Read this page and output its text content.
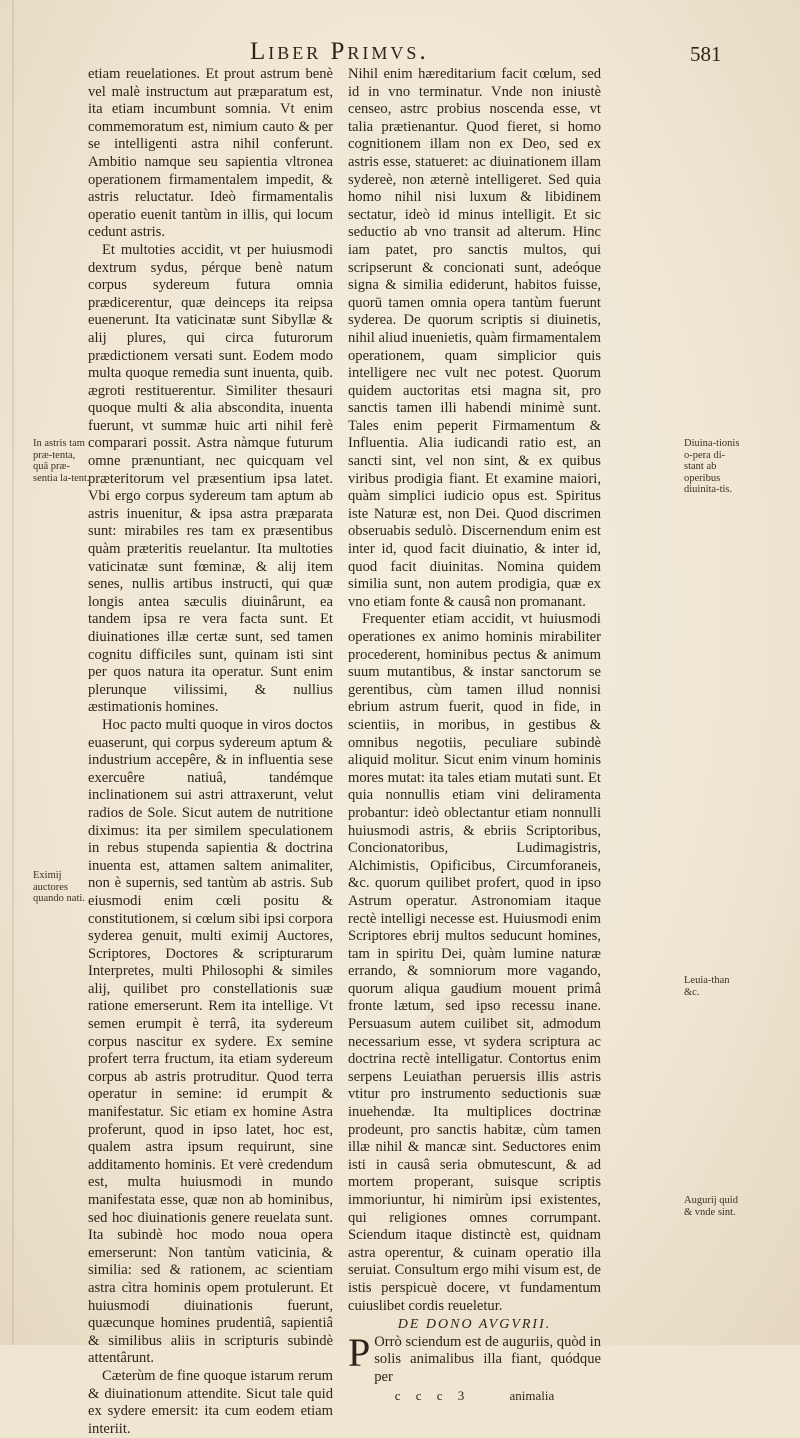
Liber Primvs.	581

etiam reuelationes. Et prout astrum benè vel malè instructum aut præparatum est, ita etiam incumbunt somnia. Vt enim commemoratum est, nimium cauto & per se intelligenti astra nihil conferunt. Ambitio namque seu sapientia vltronea operationem firmamentalem impedit, & astris reluctatur. Ideò firmamentalis operatio euenit tantùm in illis, qui locum cedunt astris.

Et multoties accidit, vt per huiusmodi dextrum sydus, pérque benè natum corpus sydereum futura omnia prædicerentur, quæ deinceps ita reipsa euenerunt. Ita vaticinatæ sunt Sibyllæ & alij plures, qui circa futurorum prædictionem versati sunt. Eodem modo multa quoque remedia sunt inuenta, quib. ægroti restituerentur. Similiter thesauri quoque multi & alia abscondita, inuenta fuerunt, vt summæ huic arti nihil ferè comparari possit. Astra nàmque futurum omne prænuntiant, nec quicquam vel præteritorum vel præsentium ipsa latet. Vbi ergo corpus sydereum tam aptum ab astris inuenitur, & ipsa astra præparata sunt: mirabiles res tam ex præsentibus quàm præteritis reuelantur. Ita multoties vaticinatæ sunt fœminæ, & alij item senes, nullis artibus instructi, qui quæ longis antea sæculis diuinârunt, ea tandem ipsa re vera facta sunt. Et diuinationes illæ certæ sunt, sed tamen cognitu difficiles sunt, quinam isti sint per quos natura ita operatur. Sunt enim plerunque vilissimi, & nullius æstimationis homines.

Hoc pacto multi quoque in viros doctos euaserunt, qui corpus sydereum aptum & industrium accepêre, & in influentia sese exercuêre natiuâ, tandémque inclinationem sui astri attraxerunt, velut radios de Sole. Sicut autem de nutritione diximus: ita per similem speculationem in rebus stupenda sapientia & doctrina inuenta est, attamen saltem animaliter, non è supernis, sed tantùm ab astris. Sub eiusmodi enim cœli positu & constitutionem, si cœlum sibi ipsi corpora syderea genuit, multi eximij Auctores, Scriptores, Doctores & scripturarum Interpretes, multi Philosophi & similes alij, quilibet pro constellationis suæ ratione emerserunt. Rem ita intellige. Vt semen erumpit è terrâ, ita sydereum corpus nascitur ex sydere. Ex semine profert terra fructum, ita etiam sydereum corpus ab astris protruditur. Quod terra operatur in semine: id erumpit & manifestatur. Sic etiam ex homine Astra proferunt, quod in ipso latet, hoc est, qualem astra ipsum requirunt, sine additamento hominis. Et verè credendum est, multa huiusmodi in mundo manifestata esse, quæ non ab hominibus, sed hoc diuinationis genere reuelata sunt. Ita subindè hoc modo noua opera emerserunt: Non tantùm vaticinia, & similia: sed & rationem, ac scientiam astra cìtra hominis opem protulerunt. Et huiusmodi diuinationis fuerunt, quæcunque homines prudentiâ, sapientiâ & similibus aliis in scripturis subindè attentârunt.

Cæterùm de fine quoque istarum rerum & diuinationum attendite. Sicut tale quid ex sydere emersit: ita cum eodem etiam interiit.

Nihil enim hæreditarium facit cœlum, sed id in vno terminatur. Vnde non iniustè censeo, astrc probius noscenda esse, vt talia prætienantur. Quod fieret, si homo cognitionem illam non ex Deo, sed ex astris esse, statueret: ac diuinationem illam sydereè, non æternè intelligeret. Sed quia homo nihil nisi luxum & libidinem sectatur, ideò id minus intelligit. Et sic seductio ab vno transit ad alterum. Hinc iam patet, pro sanctis multos, qui scripserunt & concionati sunt, adeóque signa & similia ediderunt, habitos fuisse, quorū tamen omnia opera tantùm fuerunt syderea. De quorum scriptis si diuinetis, nihil aliud inuenietis, quàm firmamentalem operationem, quam simplicior quis intelligere nec vult nec potest. Quorum quidem auctoritas etsi magna sit, pro sanctis tamen illi habendi minimè sunt. Tales enim peperit Firmamentum & Influentia. Alia iudicandi ratio est, an sancti sint, vel non sint, & ex quibus viribus prodigia fiant. Et examine maiori, quàm simplici iudicio opus est. Spiritus iste Naturæ est, non Dei. Quod discrimen obseruabis sedulò. Discernendum enim est inter id, quod facit diuinatio, & inter id, quod facit diuinitas. Nomina quidem similia sunt, non autem prodigia, quæ ex vno etiam fonte & causâ non promanant.

Frequenter etiam accidit, vt huiusmodi operationes ex animo hominis mirabiliter procederent, hominibus pectus & animum suum mutantibus, & instar sanctorum se gerentibus, cùm tamen illud nonnisi ebrium astrum fuerit, quod in fide, in scientiis, in moribus, in gestibus & omnibus negotiis, peculiare subindè aliquid molitur. Sicut enim vinum hominis mores mutat: ita tales etiam mutati sunt. Et quia nonnullis etiam vini deliramenta probantur: ideò oblectantur etiam nonnulli huiusmodi astris, & ebriis Scriptoribus, Concionatoribus, Ludimagistris, Alchimistis, Opificibus, Circumforaneis, &c. quorum quilibet profert, quod in ipso Astrum operatur. Astronomiam itaque rectè intelligi necesse est. Huiusmodi enim Scriptores ebrij multos seducunt homines, tam in spiritu Dei, quàm lumine naturæ errando, & somniorum more vagando, quorum aliqua gaudium mouent primâ fronte lætum, sed ipso recessu inane. Persuasum autem cuilibet sit, admodum necessarium esse, vt sydera scriptura ac doctrina rectè intelligatur. Contortus enim serpens Leuiathan peruersis illis astris vtitur pro instrumento seductionis suæ inuehendæ. Ita multiplices doctrinæ prodeunt, pro sanctis habitæ, cùm tamen illæ nihil & mancæ sint. Seductores enim isti in causâ seria obmutescunt, & ad mortem properant, suisque scriptis immoriuntur, hi nimirùm ipsi existentes, qui religiones omnes corrumpant. Sciendum itaque distinctè est, quidnam astra operentur, & cuinam operatio illa seruiat. Consultum ergo mihi visum est, de istis perspicuè docere, vt fundamentum cuiuslibet cordis reueletur.

DE DONO AVGVRII.

P Orrò sciendum est de auguriis, quòd in solis animalibus illa fiant, quódque per

c c c 3	animalia
In astris tam præ-tenta, quā præ-sentia la-tent.
Eximij auctores quando nati.
Diuina-tionis o-pera di-stant ab operibus diuinita-tis.
Leuia-than &c.
Augurij quid & vnde sint.
